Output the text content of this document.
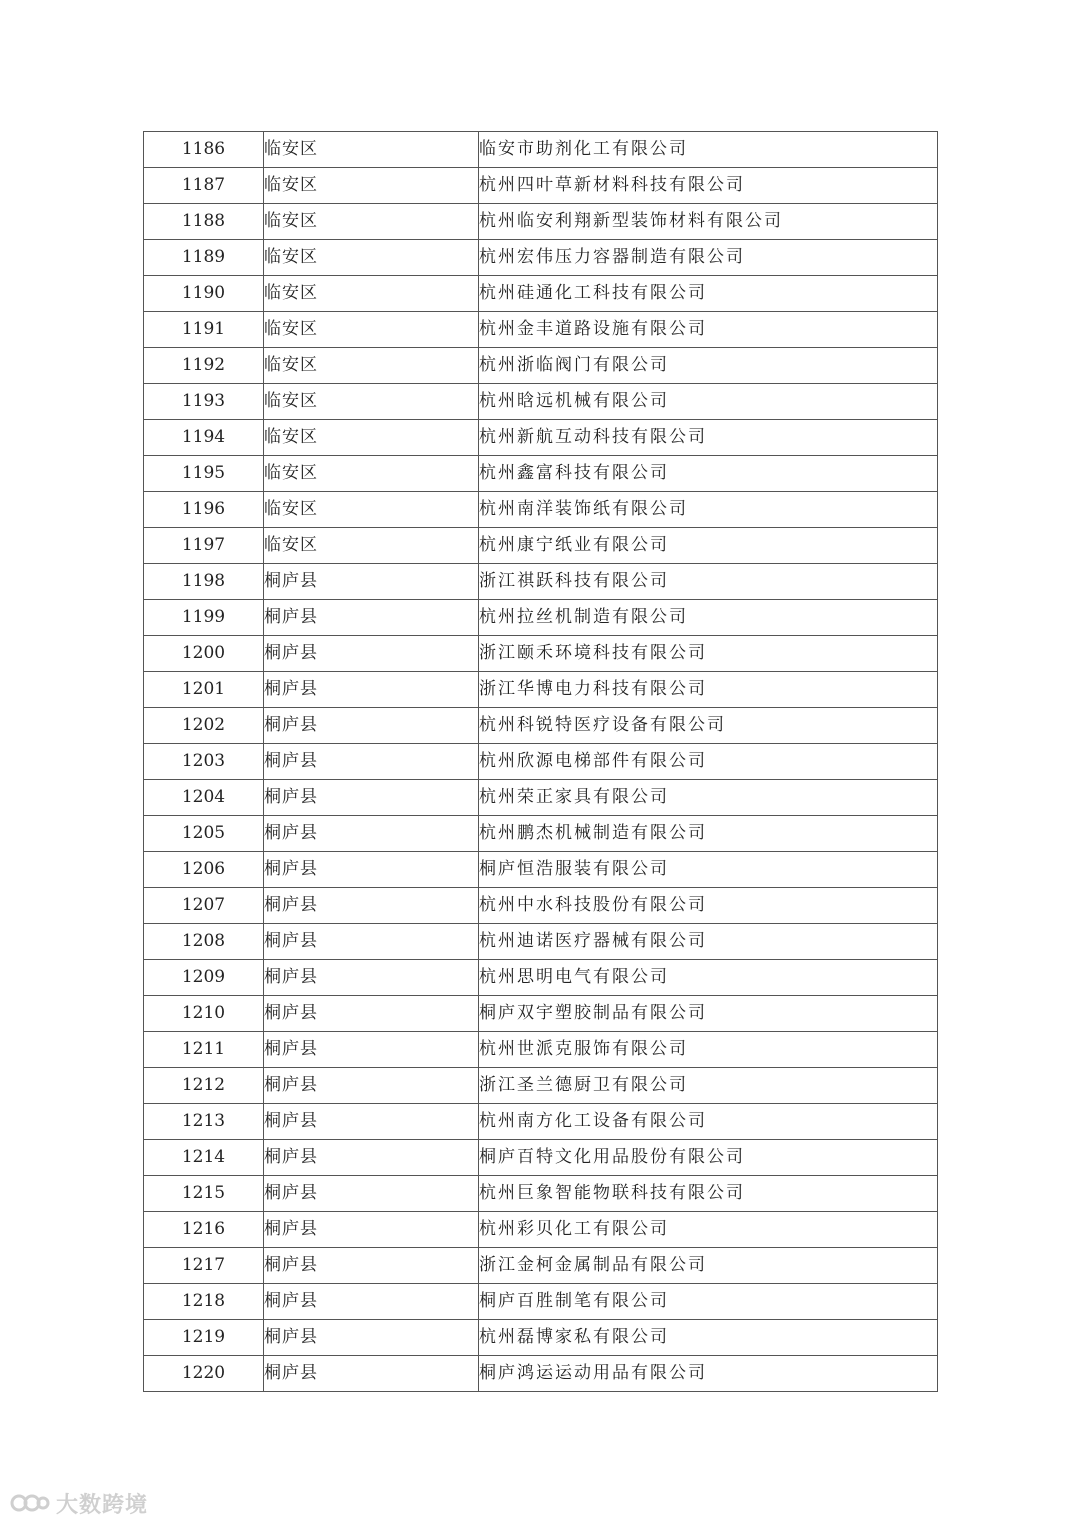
1186	临安区	临安市助剂化工有限公司
1187	临安区	杭州四叶草新材料科技有限公司
1188	临安区	杭州临安利翔新型装饰材料有限公司
1189	临安区	杭州宏伟压力容器制造有限公司
1190	临安区	杭州硅通化工科技有限公司
1191	临安区	杭州金丰道路设施有限公司
1192	临安区	杭州浙临阀门有限公司
1193	临安区	杭州晗远机械有限公司
1194	临安区	杭州新航互动科技有限公司
1195	临安区	杭州鑫富科技有限公司
1196	临安区	杭州南洋装饰纸有限公司
1197	临安区	杭州康宁纸业有限公司
1198	桐庐县	浙江祺跃科技有限公司
1199	桐庐县	杭州拉丝机制造有限公司
1200	桐庐县	浙江颐禾环境科技有限公司
1201	桐庐县	浙江华博电力科技有限公司
1202	桐庐县	杭州科锐特医疗设备有限公司
1203	桐庐县	杭州欣源电梯部件有限公司
1204	桐庐县	杭州荣正家具有限公司
1205	桐庐县	杭州鹏杰机械制造有限公司
1206	桐庐县	桐庐恒浩服装有限公司
1207	桐庐县	杭州中水科技股份有限公司
1208	桐庐县	杭州迪诺医疗器械有限公司
1209	桐庐县	杭州思明电气有限公司
1210	桐庐县	桐庐双宇塑胶制品有限公司
1211	桐庐县	杭州世派克服饰有限公司
1212	桐庐县	浙江圣兰德厨卫有限公司
1213	桐庐县	杭州南方化工设备有限公司
1214	桐庐县	桐庐百特文化用品股份有限公司
1215	桐庐县	杭州巨象智能物联科技有限公司
1216	桐庐县	杭州彩贝化工有限公司
1217	桐庐县	浙江金柯金属制品有限公司
1218	桐庐县	桐庐百胜制笔有限公司
1219	桐庐县	杭州磊博家私有限公司
1220	桐庐县	桐庐鸿运运动用品有限公司
大数跨境
